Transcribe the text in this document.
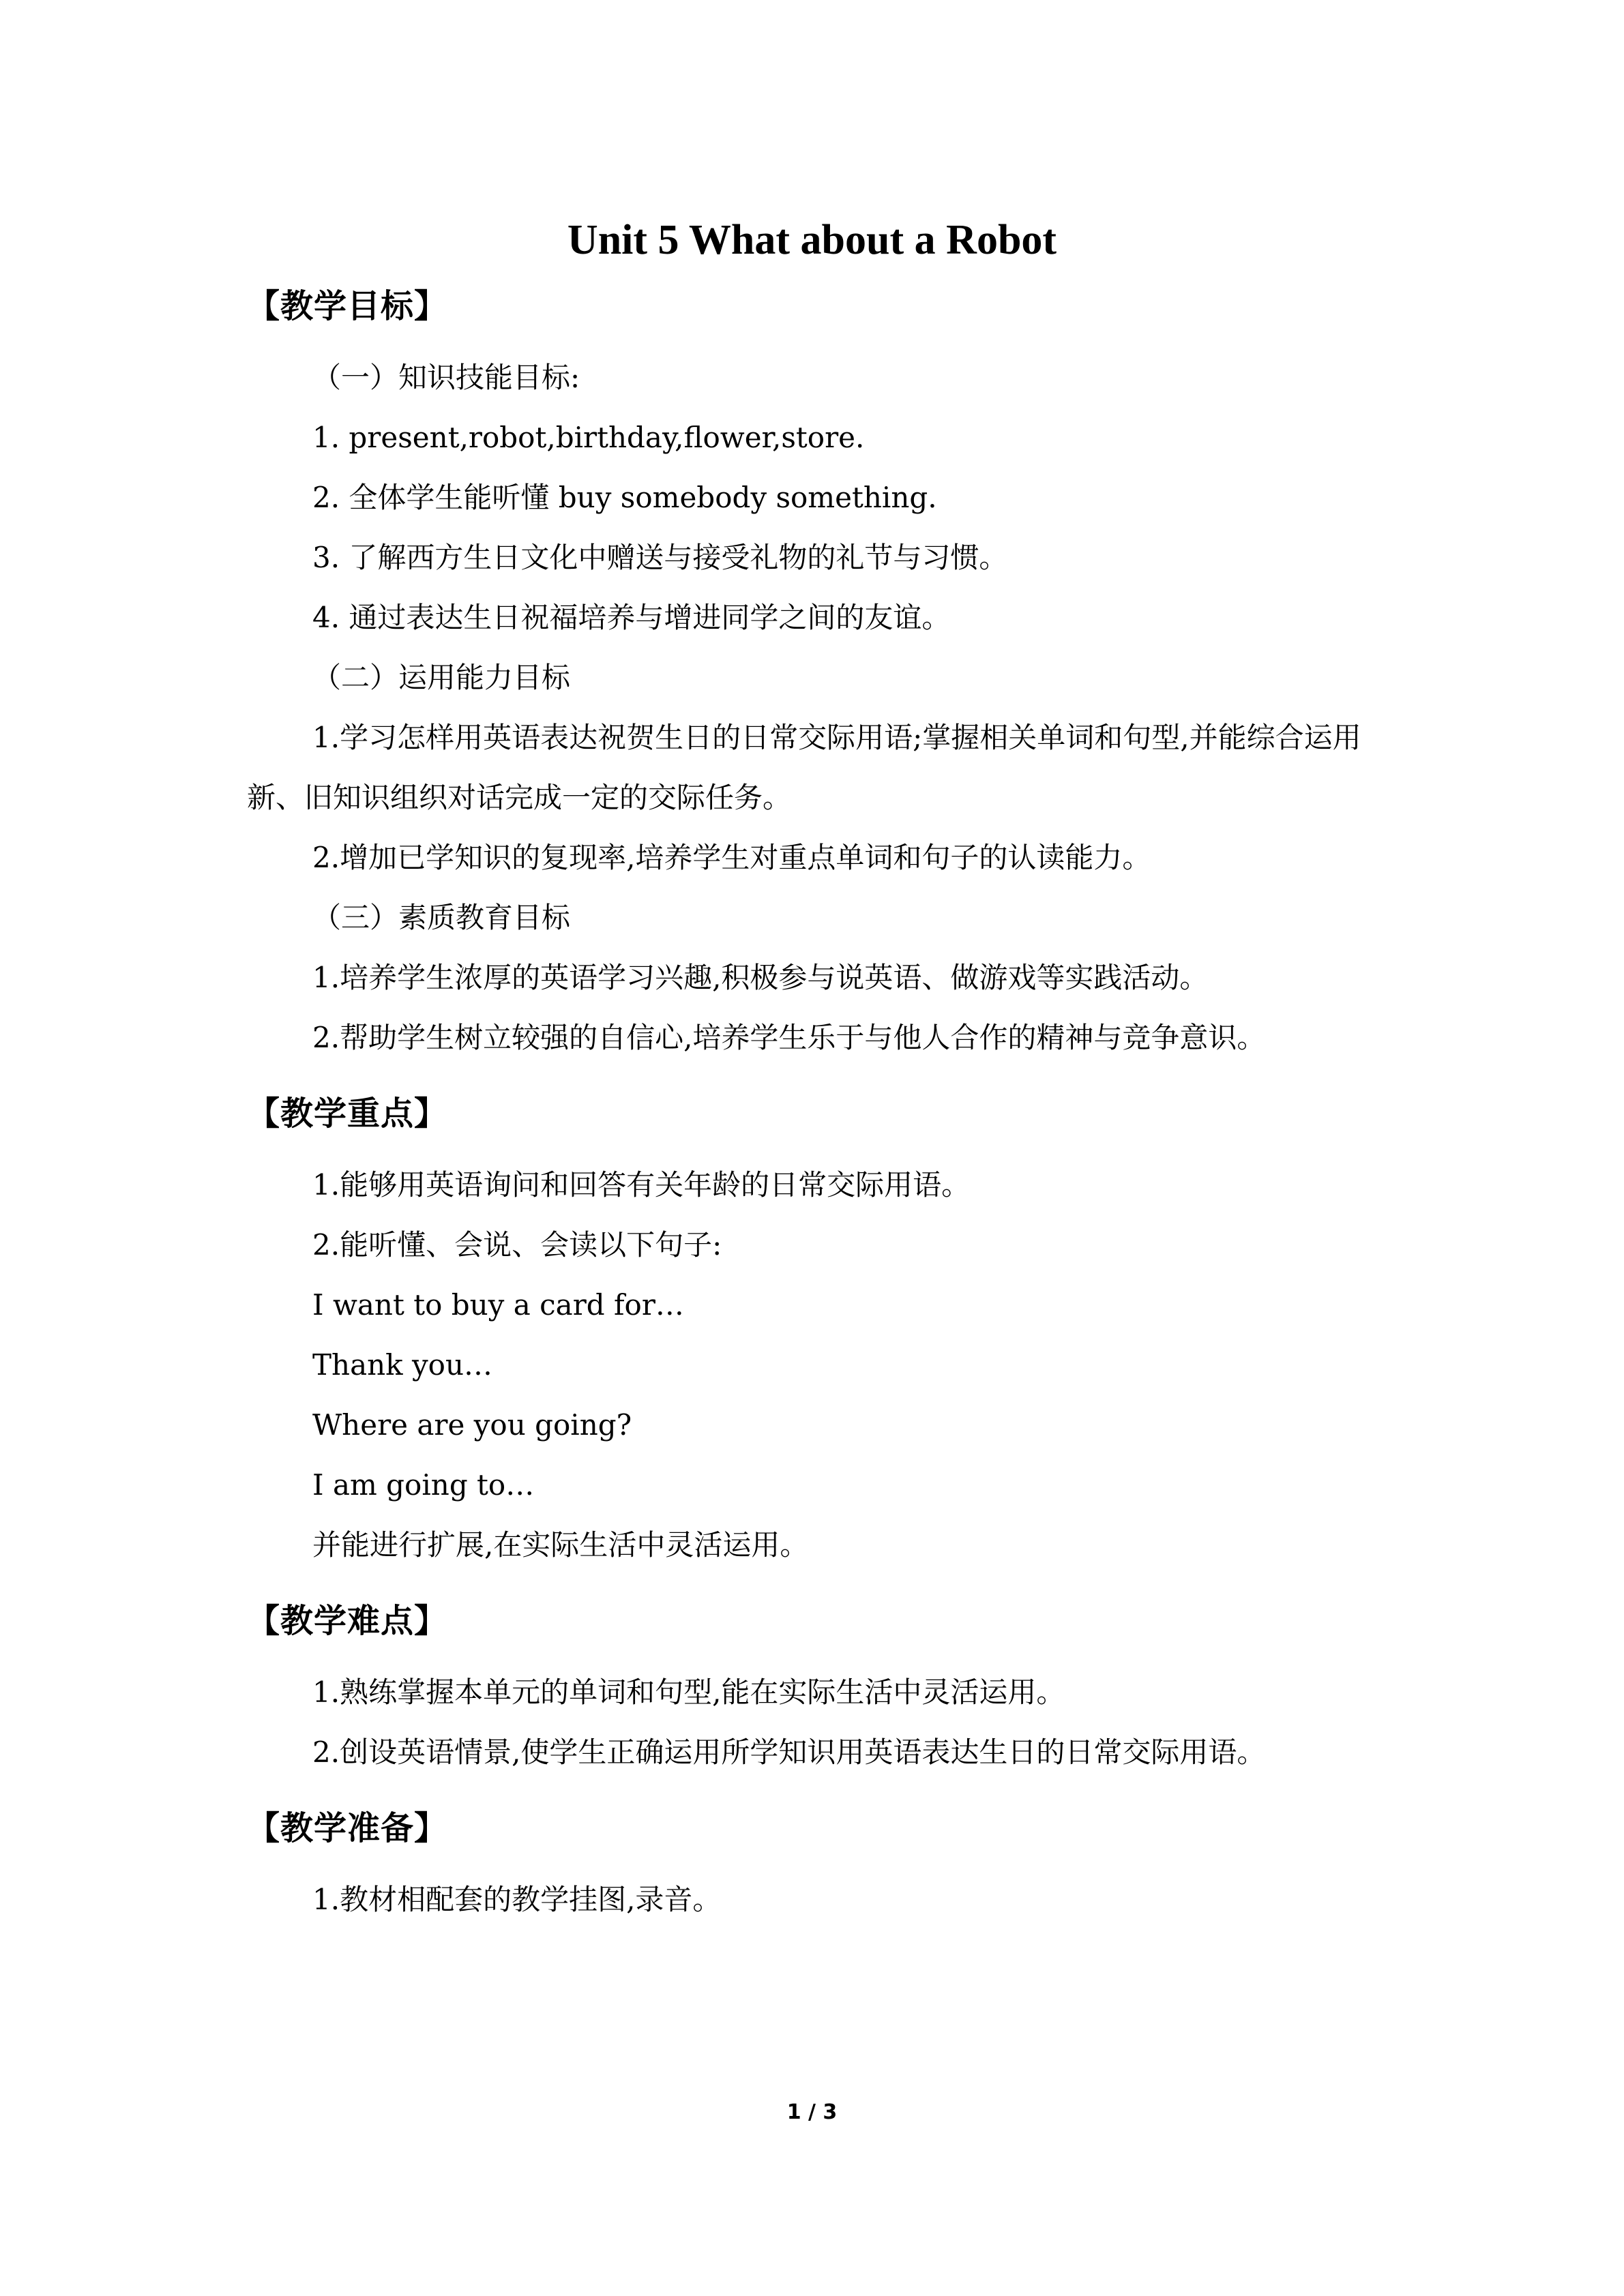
Unit 5 What about a Robot
【教学目标】

（一）知识技能目标:

1. present,robot,birthday,flower,store.

2. 全体学生能听懂 buy somebody something.

3. 了解西方生日文化中赠送与接受礼物的礼节与习惯。

4. 通过表达生日祝福培养与增进同学之间的友谊。

（二）运用能力目标

1.学习怎样用英语表达祝贺生日的日常交际用语;掌握相关单词和句型,并能综合运用新、旧知识组织对话完成一定的交际任务。

2.增加已学知识的复现率,培养学生对重点单词和句子的认读能力。

（三）素质教育目标

1.培养学生浓厚的英语学习兴趣,积极参与说英语、做游戏等实践活动。

2.帮助学生树立较强的自信心,培养学生乐于与他人合作的精神与竞争意识。

【教学重点】

1.能够用英语询问和回答有关年龄的日常交际用语。

2.能听懂、会说、会读以下句子:

I want to buy a card for…

Thank you…

Where are you going?

I am going to…

并能进行扩展,在实际生活中灵活运用。

【教学难点】

1.熟练掌握本单元的单词和句型,能在实际生活中灵活运用。

2.创设英语情景,使学生正确运用所学知识用英语表达生日的日常交际用语。

【教学准备】

1.教材相配套的教学挂图,录音。

1 / 3
